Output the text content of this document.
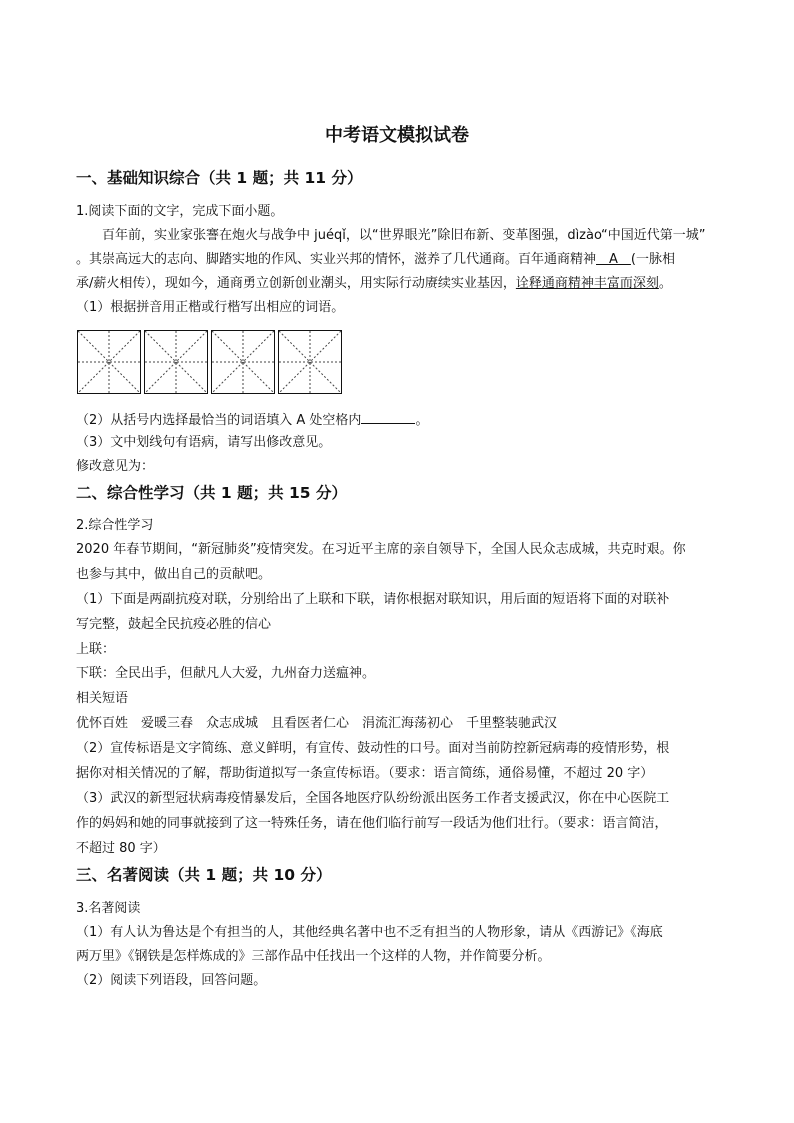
中考语文模拟试卷
一、基础知识综合（共 1 题；共 11 分）
1.阅读下面的文字，完成下面小题。
　　百年前，实业家张謇在炮火与战争中 juéqǐ，以“世界眼光”除旧布新、变革图强，dìzào“中国近代第一城”
。其崇高远大的志向、脚踏实地的作风、实业兴邦的情怀，滋养了几代通商。百年通商精神　A　(一脉相
承/薪火相传），现如今，通商勇立创新创业潮头，用实际行动赓续实业基因，诠释通商精神丰富而深刻。
（1）根据拼音用正楷或行楷写出相应的词语。
（2）从括号内选择最恰当的词语填入 A 处空格内	。
（3）文中划线句有语病，请写出修改意见。
修改意见为：
二、综合性学习（共 1 题；共 15 分）
2.综合性学习
2020 年春节期间，“新冠肺炎”疫情突发。在习近平主席的亲自领导下，全国人民众志成城，共克时艰。你
也参与其中，做出自己的贡献吧。
（1）下面是两副抗疫对联，分别给出了上联和下联，请你根据对联知识，用后面的短语将下面的对联补
写完整，鼓起全民抗疫必胜的信心
上联：
下联：全民出手，但献凡人大爱，九州奋力送瘟神。
相关短语
优怀百姓　爱暖三春　众志成城　且看医者仁心　涓流汇海荡初心　千里整装驰武汉
（2）宣传标语是文字简练、意义鲜明，有宣传、鼓动性的口号。面对当前防控新冠病毒的疫情形势，根
据你对相关情况的了解，帮助街道拟写一条宣传标语。（要求：语言简练，通俗易懂，不超过 20 字）
（3）武汉的新型冠状病毒疫情暴发后，全国各地医疗队纷纷派出医务工作者支援武汉，你在中心医院工
作的妈妈和她的同事就接到了这一特殊任务，请在他们临行前写一段话为他们壮行。（要求：语言简洁，
不超过 80 字）
三、名著阅读（共 1 题；共 10 分）
3.名著阅读
（1）有人认为鲁达是个有担当的人，其他经典名著中也不乏有担当的人物形象，请从《西游记》《海底
两万里》《钢铁是怎样炼成的》三部作品中任找出一个这样的人物，并作简要分析。
（2）阅读下列语段，回答问题。
